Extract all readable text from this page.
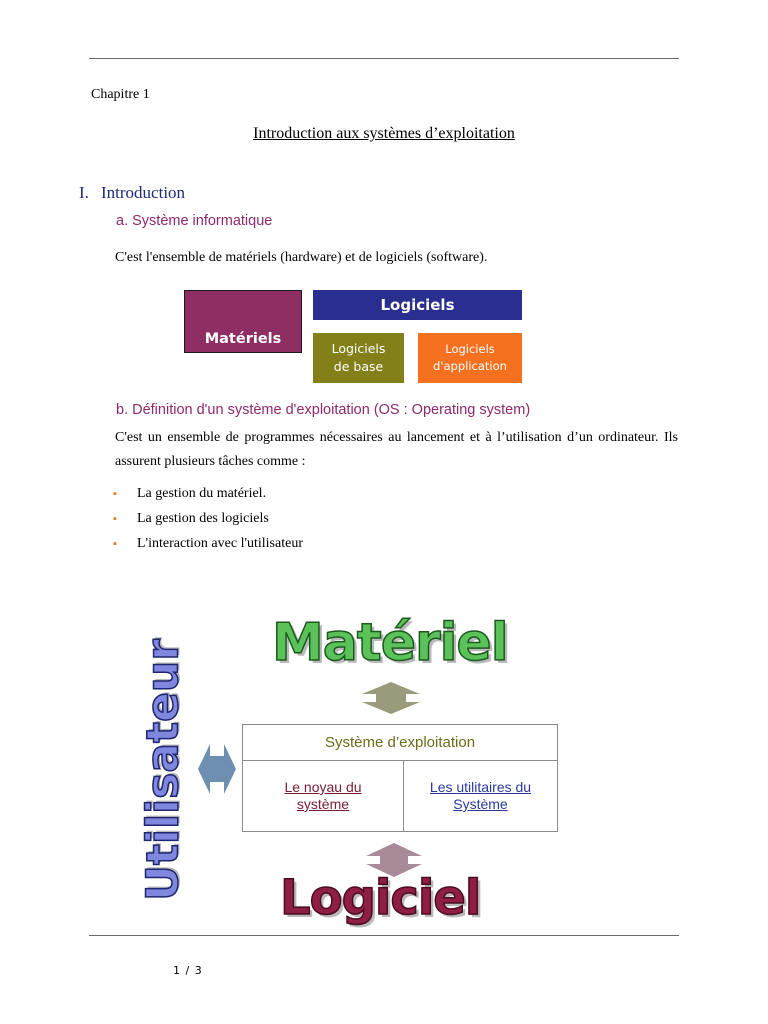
Chapitre 1
Introduction aux systèmes d’exploitation
I. Introduction
a. Système informatique
C'est l'ensemble de matériels (hardware) et de logiciels (software).
Matériels
Logiciels
Logiciels
de base
Logiciels
d'application
b. Définition d'un système d'exploitation (OS : Operating system)
C'est un ensemble de programmes nécessaires au lancement et à l’utilisation d’un ordinateur. Ils assurent plusieurs tâches comme :
▪ La gestion du matériel.
▪ La gestion des logiciels
▪ L'interaction avec l'utilisateur
Matériel
Système d’exploitation
Le noyau du
système
Les utilitaires du
Système
Utilisateur Logiciel
1 / 3
